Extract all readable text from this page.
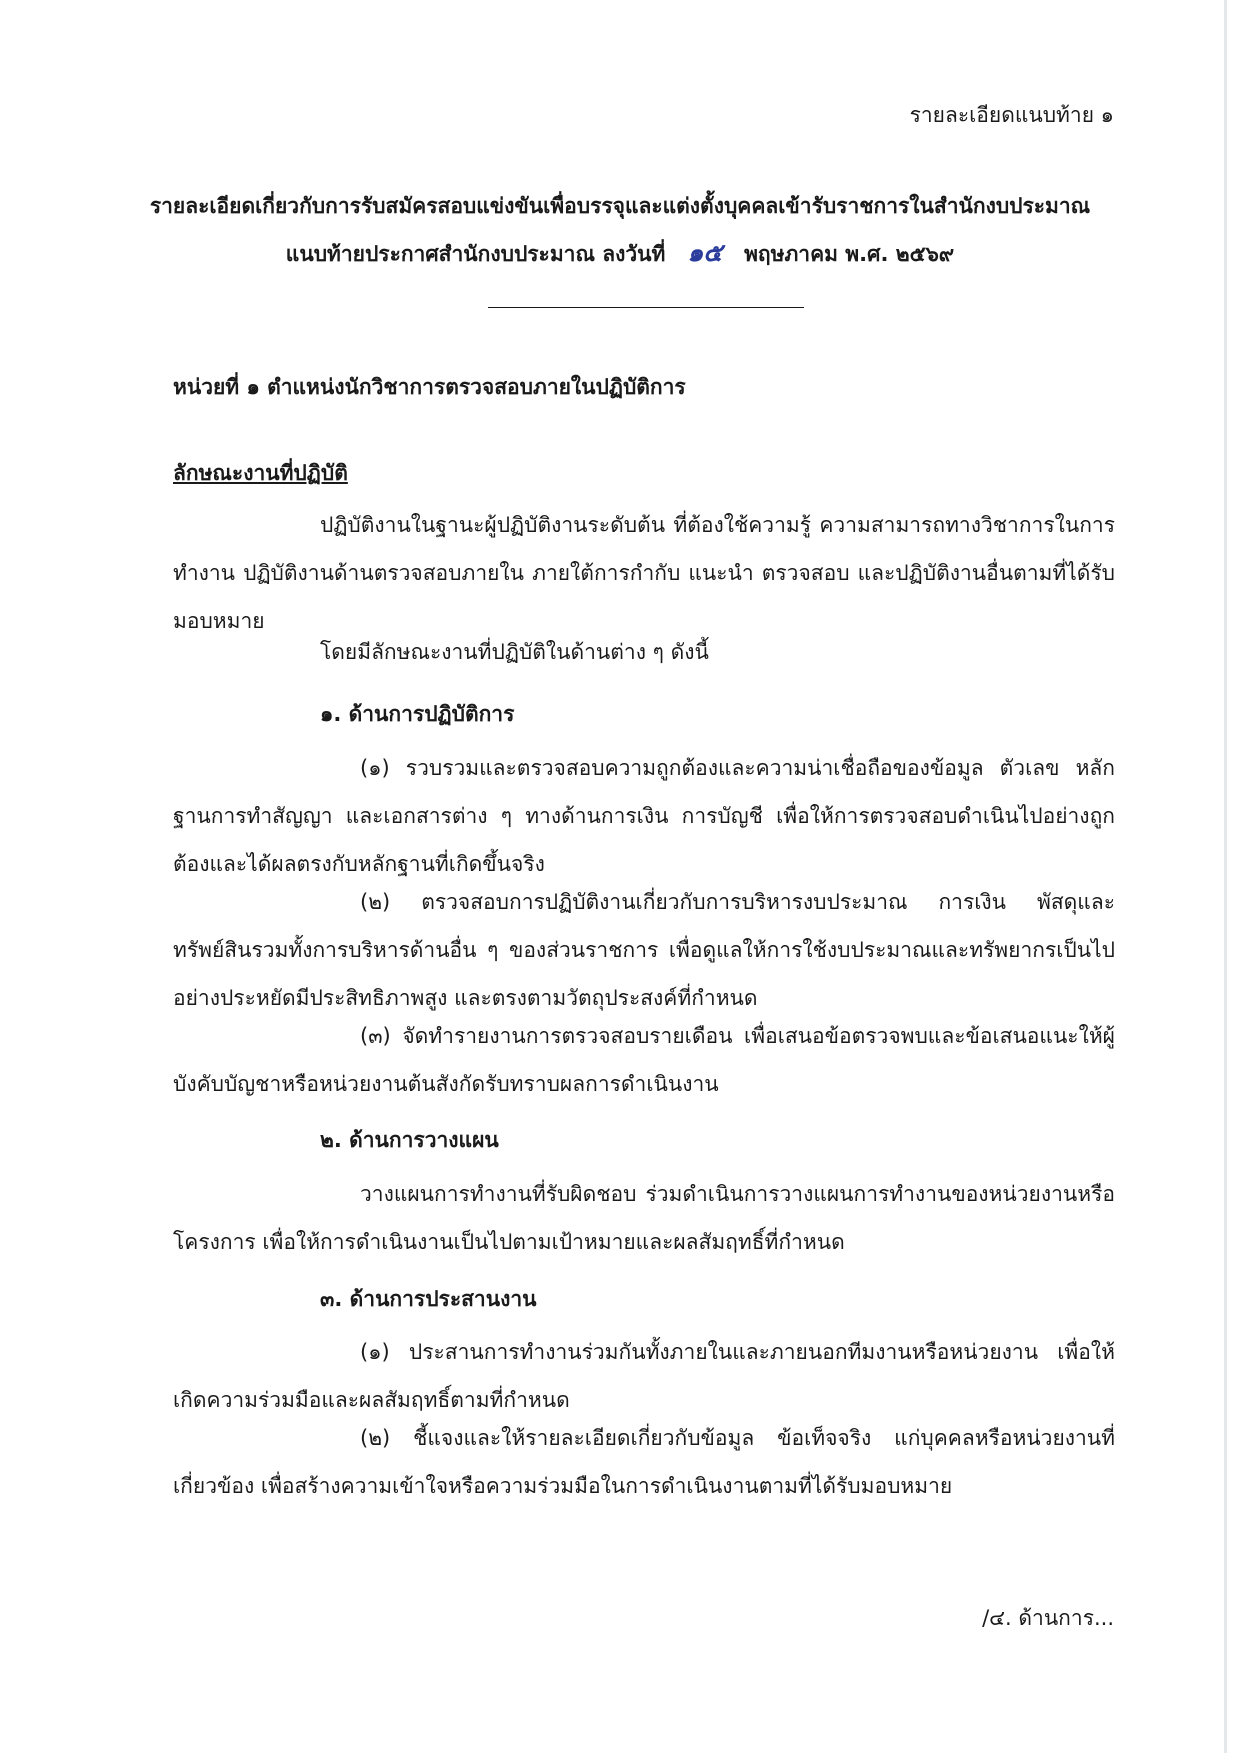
รายละเอียดแนบท้าย ๑

รายละเอียดเกี่ยวกับการรับสมัครสอบแข่งขันเพื่อบรรจุและแต่งตั้งบุคคลเข้ารับราชการในสำนักงบประมาณ

แนบท้ายประกาศสำนักงบประมาณ ลงวันที่ ๑๕ พฤษภาคม พ.ศ. ๒๕๖๙

หน่วยที่ ๑ ตำแหน่งนักวิชาการตรวจสอบภายในปฏิบัติการ

ลักษณะงานที่ปฏิบัติ

ปฏิบัติงานในฐานะผู้ปฏิบัติงานระดับต้น ที่ต้องใช้ความรู้ ความสามารถทางวิชาการในการทำงาน ปฏิบัติงานด้านตรวจสอบภายใน ภายใต้การกำกับ แนะนำ ตรวจสอบ และปฏิบัติงานอื่นตามที่ได้รับมอบหมาย

โดยมีลักษณะงานที่ปฏิบัติในด้านต่าง ๆ ดังนี้

๑. ด้านการปฏิบัติการ

(๑) รวบรวมและตรวจสอบความถูกต้องและความน่าเชื่อถือของข้อมูล ตัวเลข หลักฐานการทำสัญญา และเอกสารต่าง ๆ ทางด้านการเงิน การบัญชี เพื่อให้การตรวจสอบดำเนินไปอย่างถูกต้องและได้ผลตรงกับหลักฐานที่เกิดขึ้นจริง

(๒) ตรวจสอบการปฏิบัติงานเกี่ยวกับการบริหารงบประมาณ การเงิน พัสดุและทรัพย์สินรวมทั้งการบริหารด้านอื่น ๆ ของส่วนราชการ เพื่อดูแลให้การใช้งบประมาณและทรัพยากรเป็นไปอย่างประหยัดมีประสิทธิภาพสูง และตรงตามวัตถุประสงค์ที่กำหนด

(๓) จัดทำรายงานการตรวจสอบรายเดือน เพื่อเสนอข้อตรวจพบและข้อเสนอแนะให้ผู้บังคับบัญชาหรือหน่วยงานต้นสังกัดรับทราบผลการดำเนินงาน

๒. ด้านการวางแผน

วางแผนการทำงานที่รับผิดชอบ ร่วมดำเนินการวางแผนการทำงานของหน่วยงานหรือโครงการ เพื่อให้การดำเนินงานเป็นไปตามเป้าหมายและผลสัมฤทธิ์ที่กำหนด

๓. ด้านการประสานงาน

(๑) ประสานการทำงานร่วมกันทั้งภายในและภายนอกทีมงานหรือหน่วยงาน เพื่อให้เกิดความร่วมมือและผลสัมฤทธิ์ตามที่กำหนด

(๒) ชี้แจงและให้รายละเอียดเกี่ยวกับข้อมูล ข้อเท็จจริง แก่บุคคลหรือหน่วยงานที่เกี่ยวข้อง เพื่อสร้างความเข้าใจหรือความร่วมมือในการดำเนินงานตามที่ได้รับมอบหมาย

/๔. ด้านการ...
